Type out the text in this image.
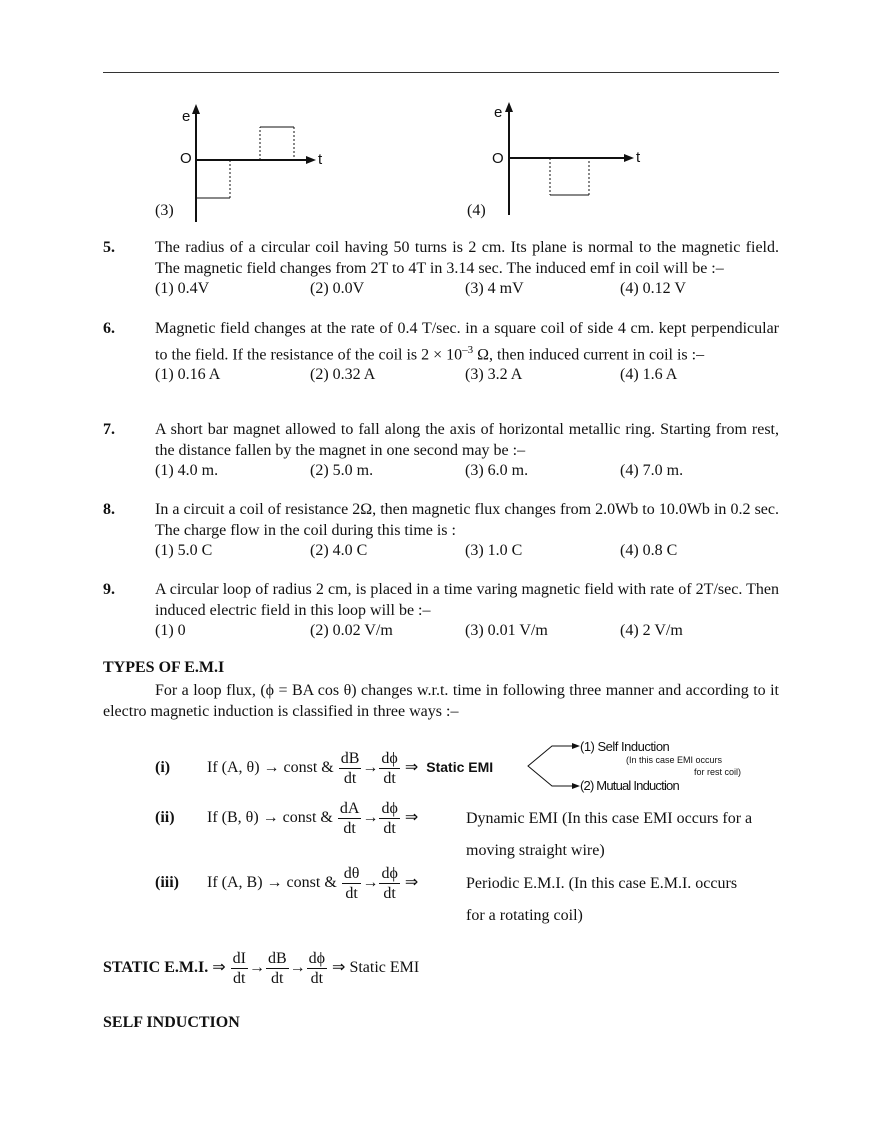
e
O	t
(3)
e
O	t
(4)
5.	The radius of a circular coil having 50 turns is 2 cm. Its plane is normal to the magnetic field. The magnetic field changes from 2T to 4T in 3.14 sec. The induced emf in coil will be :–
(1) 0.4V	(2) 0.0V	(3) 4 mV	(4) 0.12 V
6.	Magnetic field changes at the rate of 0.4 T/sec. in a square coil of side 4 cm. kept perpendicular to the field. If the resistance of the coil is $2 \times 10^{-3}$ Ω, then induced current in coil is :–
(1) 0.16 A	(2) 0.32 A	(3) 3.2 A	(4) 1.6 A
7.	A short bar magnet allowed to fall along the axis of horizontal metallic ring. Starting from rest, the distance fallen by the magnet in one second may be :–
(1) 4.0 m.	(2) 5.0 m.	(3) 6.0 m.	(4) 7.0 m.
8.	In a circuit a coil of resistance 2Ω, then magnetic flux changes from 2.0Wb to 10.0Wb in 0.2 sec. The charge flow in the coil during this time is :
(1) 5.0 C	(2) 4.0 C	(3) 1.0 C	(4) 0.8 C
9.	A circular loop of radius 2 cm, is placed in a time varing magnetic field with rate of 2T/sec. Then induced electric field in this loop will be :–
(1) 0	(2) 0.02 V/m	(3) 0.01 V/m	(4) 2 V/m
TYPES OF E.M.I
For a loop flux, (ϕ = BA cos θ) changes w.r.t. time in following three manner and according to it electro magnetic induction is classified in three ways :–
(i) If (A, θ) → const & $\frac{dB}{dt} \to \frac{d\phi}{dt}$ ⇒ Static EMI
(1) Self Induction
(In this case EMI occurs
for rest coil)
(2) Mutual Induction
(ii) If (B, θ) → const & $\frac{dA}{dt} \to \frac{d\phi}{dt}$ ⇒	Dynamic EMI (In this case EMI occurs for a
moving straight wire)
(iii) If (A, B) → const & $\frac{d\theta}{dt} \to \frac{d\phi}{dt}$ ⇒	Periodic E.M.I. (In this case E.M.I. occurs
for a rotating coil)
STATIC E.M.I. ⇒ $\frac{dI}{dt} \to \frac{dB}{dt} \to \frac{d\phi}{dt}$ ⇒ Static EMI
SELF INDUCTION
